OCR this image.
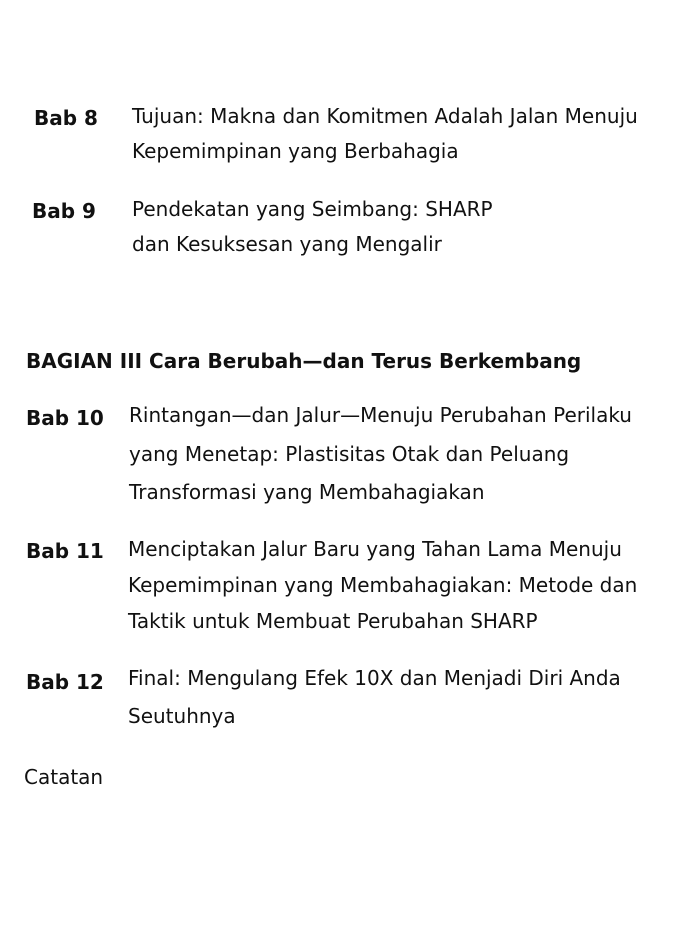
Bab 8 Tujuan: Makna dan Komitmen Adalah Jalan Menuju
Kepemimpinan yang Berbahagia
Bab 9 Pendekatan yang Seimbang: SHARP
dan Kesuksesan yang Mengalir
BAGIAN III Cara Berubah—dan Terus Berkembang
Bab 10 Rintangan—dan Jalur—Menuju Perubahan Perilaku
yang Menetap: Plastisitas Otak dan Peluang
Transformasi yang Membahagiakan
Bab 11 Menciptakan Jalur Baru yang Tahan Lama Menuju
Kepemimpinan yang Membahagiakan: Metode dan
Taktik untuk Membuat Perubahan SHARP
Bab 12 Final: Mengulang Efek 10X dan Menjadi Diri Anda
Seutuhnya
Catatan
